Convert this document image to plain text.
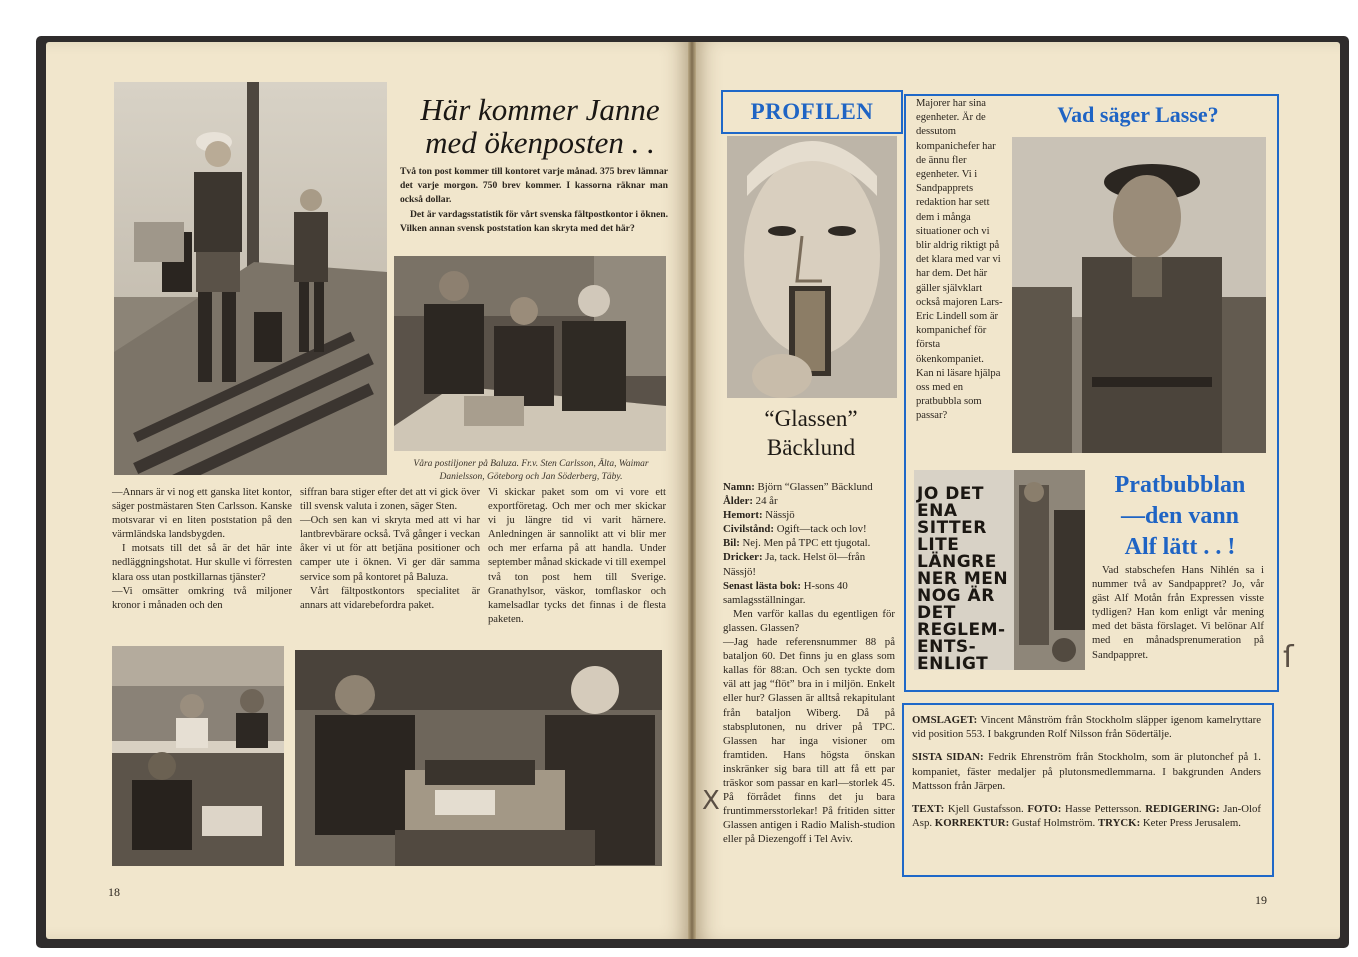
Här kommer Janne
med ökenposten . .

Två ton post kommer till kontoret varje månad. 375 brev lämnar det varje morgon. 750 brev kommer. I kassorna räknar man också dollar.

Det är vardagsstatistik för vårt svenska fältpostkontor i öknen. Vilken annan svensk poststation kan skryta med det här?

Våra postiljoner på Baluza. Fr.v. Sten Carlsson, Älta, Waimar Danielsson, Göteborg och Jan Söderberg, Täby.

—Annars är vi nog ett ganska litet kontor, säger postmästaren Sten Carlsson. Kanske motsvarar vi en liten poststation på den värmländska landsbygden.

I motsats till det så är det här inte nedläggningshotat. Hur skulle vi förresten klara oss utan postkillarnas tjänster?

—Vi omsätter omkring två miljoner kronor i månaden och den

siffran bara stiger efter det att vi gick över till svensk valuta i zonen, säger Sten.

—Och sen kan vi skryta med att vi har lantbrevbärare också. Två gånger i veckan åker vi ut för att betjäna positioner och camper ute i öknen. Vi ger där samma service som på kontoret på Baluza.

Vårt fältpostkontors specialitet är annars att vidarebefordra paket.

Vi skickar paket som om vi vore ett exportföretag. Och mer och mer skickar vi ju längre tid vi varit härnere. Anledningen är sannolikt att vi blir mer och mer erfarna på att handla. Under september månad skickade vi till exempel två ton post hem till Sverige. Granathylsor, väskor, tomflaskor och kamelsadlar tycks det finnas i de flesta paketen.

18
PROFILEN
“Glassen”
Bäcklund
Namn: Björn “Glassen” Bäcklund
Ålder: 24 år
Hemort: Nässjö
Civilstånd: Ogift—tack och lov!
Bil: Nej. Men på TPC ett tjugotal.
Dricker: Ja, tack. Helst öl—från Nässjö!
Senast lästa bok: H-sons 40 samlagsställningar.

Men varför kallas du egentligen för glassen. Glassen?

—Jag hade referensnummer 88 på bataljon 60. Det finns ju en glass som kallas för 88:an. Och sen tyckte dom väl att jag “flöt” bra in i miljön. Enkelt eller hur? Glassen är alltså rekapitulant från bataljon Wiberg. Då på stabsplutonen, nu driver på TPC. Glassen har inga visioner om framtiden. Hans högsta önskan inskränker sig bara till att få ett par träskor som passar en karl—storlek 45. På förrådet finns det ju bara fruntimmersstorlekar! På fritiden sitter Glassen antigen i Radio Malish-studion eller på Diezengoff i Tel Aviv.

Majorer har sina egenheter. Är de dessutom kompanichefer har de ännu fler egenheter. Vi i Sandpapprets redaktion har sett dem i många situationer och vi blir aldrig riktigt på det klara med var vi har dem. Det här gäller självklart också majoren Lars-Eric Lindell som är kompanichef för första ökenkompaniet. Kan ni läsare hjälpa oss med en pratbubbla som passar?
Vad säger Lasse?
JO DET
ENA SITTER
LITE
LÄNGRE
NER MEN
NOG ÄR
DET
REGLEM-
ENTS-
ENLIGT
Pratbubblan
—den vann
Alf lätt . . !
Vad stabschefen Hans Nihlén sa i nummer två av Sandpappret? Jo, vår gäst Alf Motån från Expressen visste tydligen? Han kom enligt vår mening med det bästa förslaget. Vi belönar Alf med en månadsprenumeration på Sandpappret.

OMSLAGET: Vincent Månström från Stockholm släpper igenom kamelryttare vid position 553. I bakgrunden Rolf Nilsson från Södertälje.

SISTA SIDAN: Fedrik Ehrenström från Stockholm, som är plutonchef på 1. kompaniet, fäster medaljer på plutonsmedlemmarna. I bakgrunden Anders Mattsson från Järpen.

TEXT: Kjell Gustafsson. FOTO: Hasse Pettersson. REDIGERING: Jan-Olof Asp. KORREKTUR: Gustaf Holmström. TRYCK: Keter Press Jerusalem.

19
X
ſ
